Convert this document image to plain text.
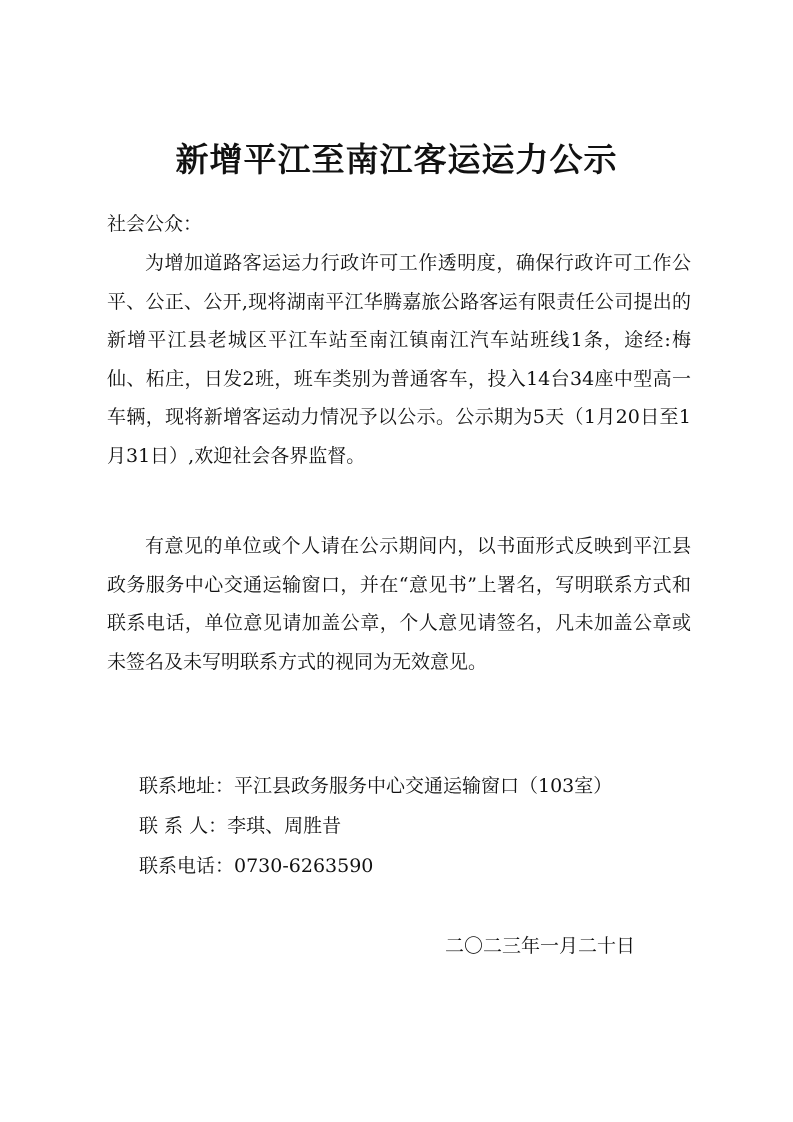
新增平江至南江客运运力公示

社会公众：

为增加道路客运运力行政许可工作透明度，确保行政许可工作公平、公正、公开,现将湖南平江华腾嘉旅公路客运有限责任公司提出的新增平江县老城区平江车站至南江镇南江汽车站班线1条，途经:梅仙、柘庄，日发2班，班车类别为普通客车，投入14台34座中型高一车辆，现将新增客运动力情况予以公示。公示期为5天（1月20日至1月31日）,欢迎社会各界监督。

有意见的单位或个人请在公示期间内，以书面形式反映到平江县政务服务中心交通运输窗口，并在“意见书”上署名，写明联系方式和联系电话，单位意见请加盖公章，个人意见请签名，凡未加盖公章或未签名及未写明联系方式的视同为无效意见。

联系地址：平江县政务服务中心交通运输窗口（103室）

联 系 人：李琪、周胜昔

联系电话：0730-6263590

二〇二三年一月二十日
